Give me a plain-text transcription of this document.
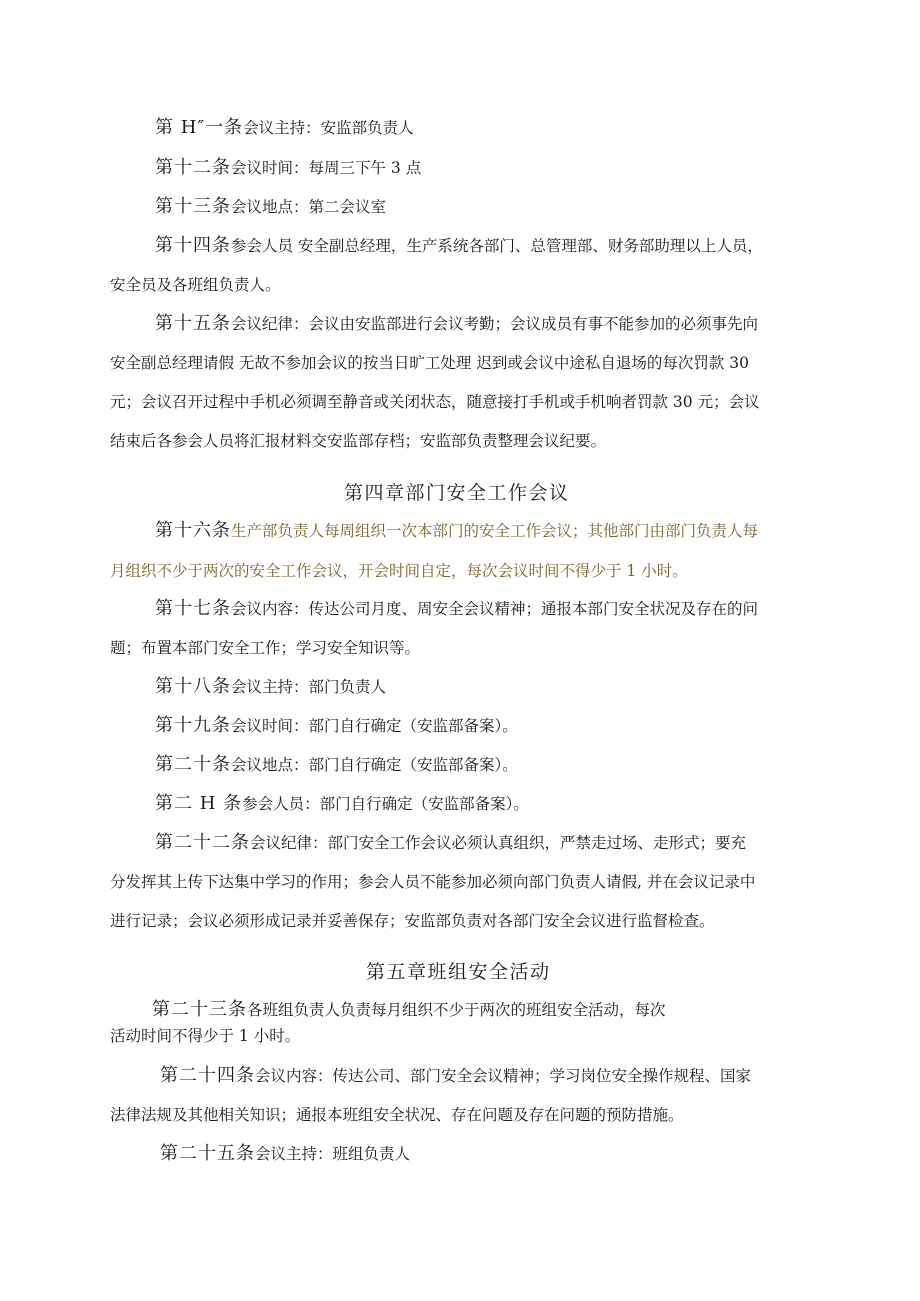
第 H″一条会议主持：安监部负责人
第十二条会议时间：每周三下午 3 点
第十三条会议地点：第二会议室
第十四条参会人员 安全副总经理，生产系统各部门、总管理部、财务部助理以上人员，
安全员及各班组负责人。
第十五条会议纪律：会议由安监部进行会议考勤；会议成员有事不能参加的必须事先向
安全副总经理请假 无故不参加会议的按当日旷工处理 迟到或会议中途私自退场的每次罚款 30
元；会议召开过程中手机必须调至静音或关闭状态，随意接打手机或手机响者罚款 30 元；会议
结束后各参会人员将汇报材料交安监部存档；安监部负责整理会议纪要。
第四章部门安全工作会议
第十六条生产部负责人每周组织一次本部门的安全工作会议；其他部门由部门负责人每
月组织不少于两次的安全工作会议，开会时间自定，每次会议时间不得少于 1 小时。
第十七条会议内容：传达公司月度、周安全会议精神；通报本部门安全状况及存在的问
题；布置本部门安全工作；学习安全知识等。
第十八条会议主持：部门负责人
第十九条会议时间：部门自行确定（安监部备案）。
第二十条会议地点：部门自行确定（安监部备案）。
第二 H 条参会人员：部门自行确定（安监部备案）。
第二十二条会议纪律：部门安全工作会议必须认真组织，严禁走过场、走形式；要充
分发挥其上传下达集中学习的作用；参会人员不能参加必须向部门负责人请假, 并在会议记录中
进行记录；会议必须形成记录并妥善保存；安监部负责对各部门安全会议进行监督检查。
第五章班组安全活动
第二十三条各班组负责人负责每月组织不少于两次的班组安全活动，每次
活动时间不得少于 1 小时。
第二十四条会议内容：传达公司、部门安全会议精神；学习岗位安全操作规程、国家
法律法规及其他相关知识；通报本班组安全状况、存在问题及存在问题的预防措施。
第二十五条会议主持：班组负责人
